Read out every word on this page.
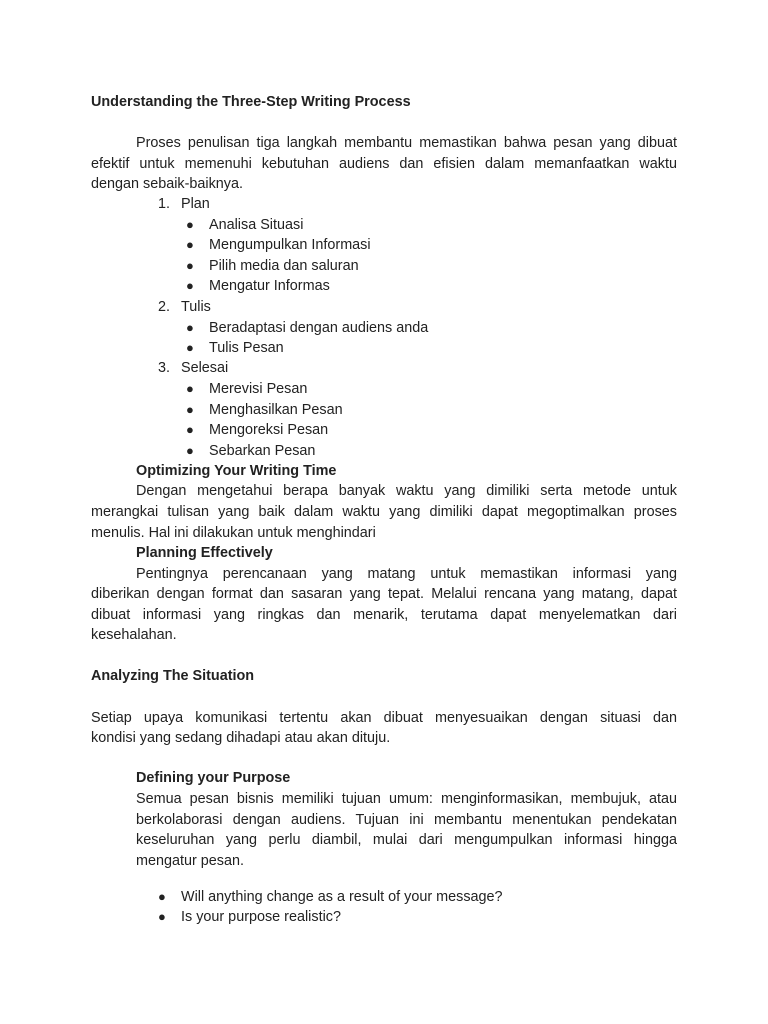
Understanding the Three-Step Writing Process
Proses penulisan tiga langkah membantu memastikan bahwa pesan yang dibuat
efektif untuk memenuhi kebutuhan audiens dan efisien dalam memanfaatkan waktu
dengan sebaik-baiknya.
1. Plan
● Analisa Situasi
● Mengumpulkan Informasi
● Pilih media dan saluran
● Mengatur Informas
2. Tulis
● Beradaptasi dengan audiens anda
● Tulis Pesan
3. Selesai
● Merevisi Pesan
● Menghasilkan Pesan
● Mengoreksi Pesan
● Sebarkan Pesan
Optimizing Your Writing Time
Dengan mengetahui berapa banyak waktu yang dimiliki serta metode untuk
merangkai tulisan yang baik dalam waktu yang dimiliki dapat megoptimalkan proses
menulis. Hal ini dilakukan untuk menghindari
Planning Effectively
Pentingnya perencanaan yang matang untuk memastikan informasi yang
diberikan dengan format dan sasaran yang tepat. Melalui rencana yang matang, dapat
dibuat informasi yang ringkas dan menarik, terutama dapat menyelematkan dari
kesehalahan.
Analyzing The Situation
Setiap upaya komunikasi tertentu akan dibuat menyesuaikan dengan situasi dan
kondisi yang sedang dihadapi atau akan dituju.
Defining your Purpose
Semua pesan bisnis memiliki tujuan umum: menginformasikan, membujuk, atau
berkolaborasi dengan audiens. Tujuan ini membantu menentukan pendekatan
keseluruhan yang perlu diambil, mulai dari mengumpulkan informasi hingga
mengatur pesan.
● Will anything change as a result of your message?
● Is your purpose realistic?
